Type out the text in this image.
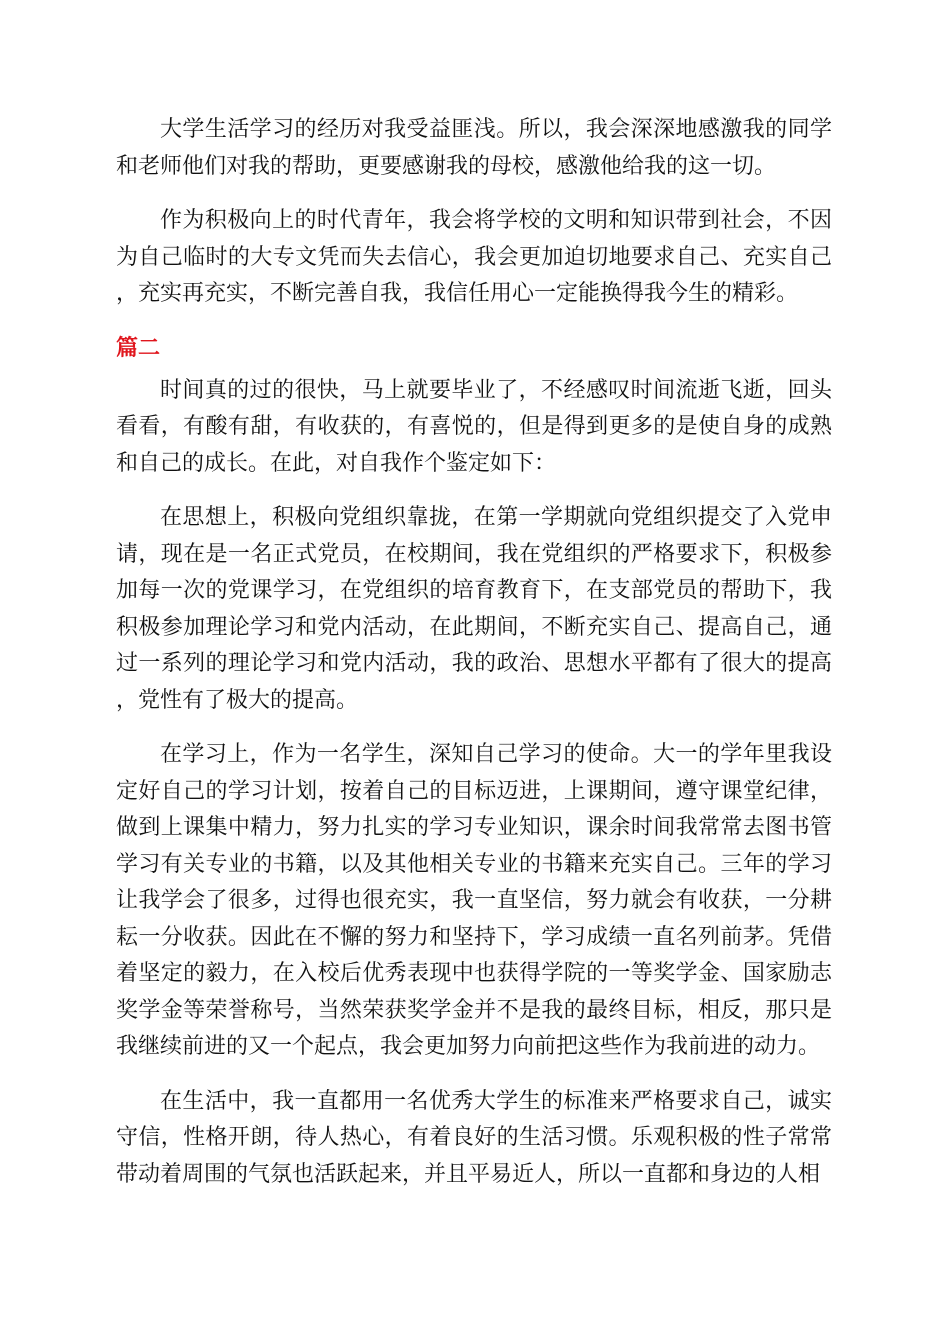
大学生活学习的经历对我受益匪浅。所以，我会深深地感激我的同学和老师他们对我的帮助，更要感谢我的母校，感激他给我的这一切。

作为积极向上的时代青年，我会将学校的文明和知识带到社会，不因为自己临时的大专文凭而失去信心，我会更加迫切地要求自己、充实自己，充实再充实，不断完善自我，我信任用心一定能换得我今生的精彩。

篇二

时间真的过的很快，马上就要毕业了，不经感叹时间流逝飞逝，回头看看，有酸有甜，有收获的，有喜悦的，但是得到更多的是使自身的成熟和自己的成长。在此，对自我作个鉴定如下：

在思想上，积极向党组织靠拢，在第一学期就向党组织提交了入党申请，现在是一名正式党员，在校期间，我在党组织的严格要求下，积极参加每一次的党课学习，在党组织的培育教育下，在支部党员的帮助下，我积极参加理论学习和党内活动，在此期间，不断充实自己、提高自己，通过一系列的理论学习和党内活动，我的政治、思想水平都有了很大的提高，党性有了极大的提高。

在学习上，作为一名学生，深知自己学习的使命。大一的学年里我设定好自己的学习计划，按着自己的目标迈进，上课期间，遵守课堂纪律，做到上课集中精力，努力扎实的学习专业知识，课余时间我常常去图书管学习有关专业的书籍，以及其他相关专业的书籍来充实自己。三年的学习让我学会了很多，过得也很充实，我一直坚信，努力就会有收获，一分耕耘一分收获。因此在不懈的努力和坚持下，学习成绩一直名列前茅。凭借着坚定的毅力，在入校后优秀表现中也获得学院的一等奖学金、国家励志奖学金等荣誉称号，当然荣获奖学金并不是我的最终目标，相反，那只是我继续前进的又一个起点，我会更加努力向前把这些作为我前进的动力。

在生活中，我一直都用一名优秀大学生的标准来严格要求自己，诚实守信，性格开朗，待人热心，有着良好的生活习惯。乐观积极的性子常常带动着周围的气氛也活跃起来，并且平易近人，所以一直都和身边的人相
